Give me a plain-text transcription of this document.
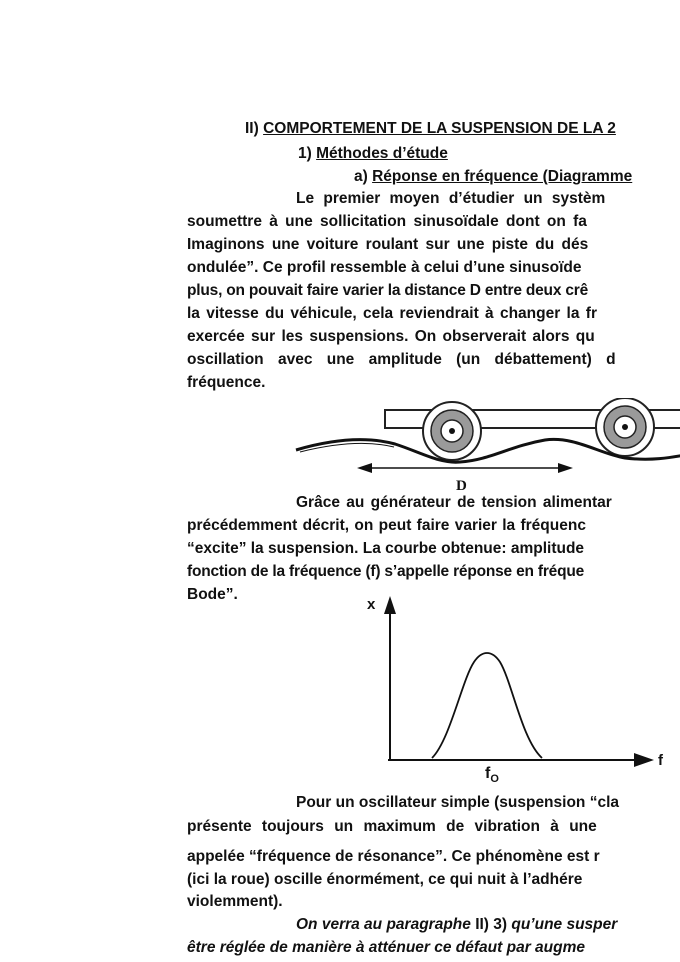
II) COMPORTEMENT DE LA SUSPENSION DE LA 2
1) Méthodes d’étude
a) Réponse en fréquence (Diagramme
Le premier moyen d’étudier un systèm
soumettre à une sollicitation sinusoïdale dont on fa
Imaginons une voiture roulant sur une piste du dés
ondulée”. Ce profil ressemble à celui d’une sinusoïde
plus, on pouvait faire varier la distance D entre deux crê
la vitesse du véhicule, cela reviendrait à changer la fr
exercée sur les suspensions. On observerait alors qu
oscillation avec une amplitude (un débattement) d
fréquence.
D
Grâce au générateur de tension alimentar
précédemment décrit, on peut faire varier la fréquenc
“excite” la suspension. La courbe obtenue: amplitude
fonction de la fréquence (f) s’appelle réponse en fréque
Bode”.
x
f
$f_O$
Pour un oscillateur simple (suspension “cla
présente toujours un maximum de vibration à une
appelée “fréquence de résonance”. Ce phénomène est r
(ici la roue) oscille énormément, ce qui nuit à l’adhére
violemment).
On verra au paragraphe II) 3) qu’une susper
être réglée de manière à atténuer ce défaut par augme
